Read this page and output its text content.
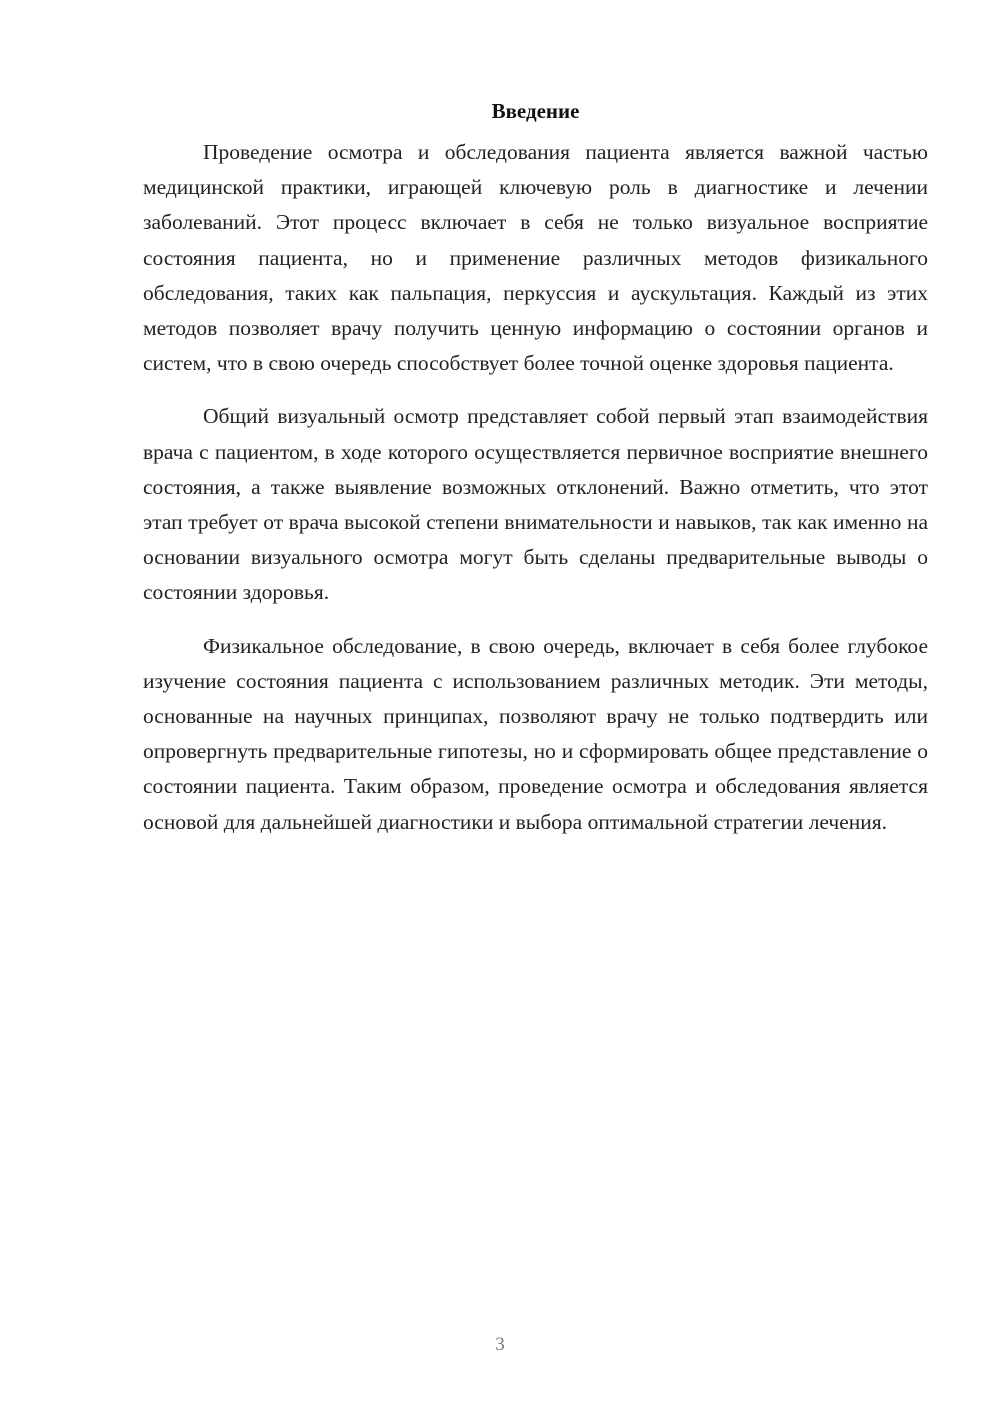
Введение

Проведение осмотра и обследования пациента является важной частью медицинской практики, играющей ключевую роль в диагностике и лечении заболеваний. Этот процесс включает в себя не только визуальное восприятие состояния пациента, но и применение различных методов физикального обследования, таких как пальпация, перкуссия и аускультация. Каждый из этих методов позволяет врачу получить ценную информацию о состоянии органов и систем, что в свою очередь способствует более точной оценке здоровья пациента.

Общий визуальный осмотр представляет собой первый этап взаимодействия врача с пациентом, в ходе которого осуществляется первичное восприятие внешнего состояния, а также выявление возможных отклонений. Важно отметить, что этот этап требует от врача высокой степени внимательности и навыков, так как именно на основании визуального осмотра могут быть сделаны предварительные выводы о состоянии здоровья.

Физикальное обследование, в свою очередь, включает в себя более глубокое изучение состояния пациента с использованием различных методик. Эти методы, основанные на научных принципах, позволяют врачу не только подтвердить или опровергнуть предварительные гипотезы, но и сформировать общее представление о состоянии пациента. Таким образом, проведение осмотра и обследования является основой для дальнейшей диагностики и выбора оптимальной стратегии лечения.

3
